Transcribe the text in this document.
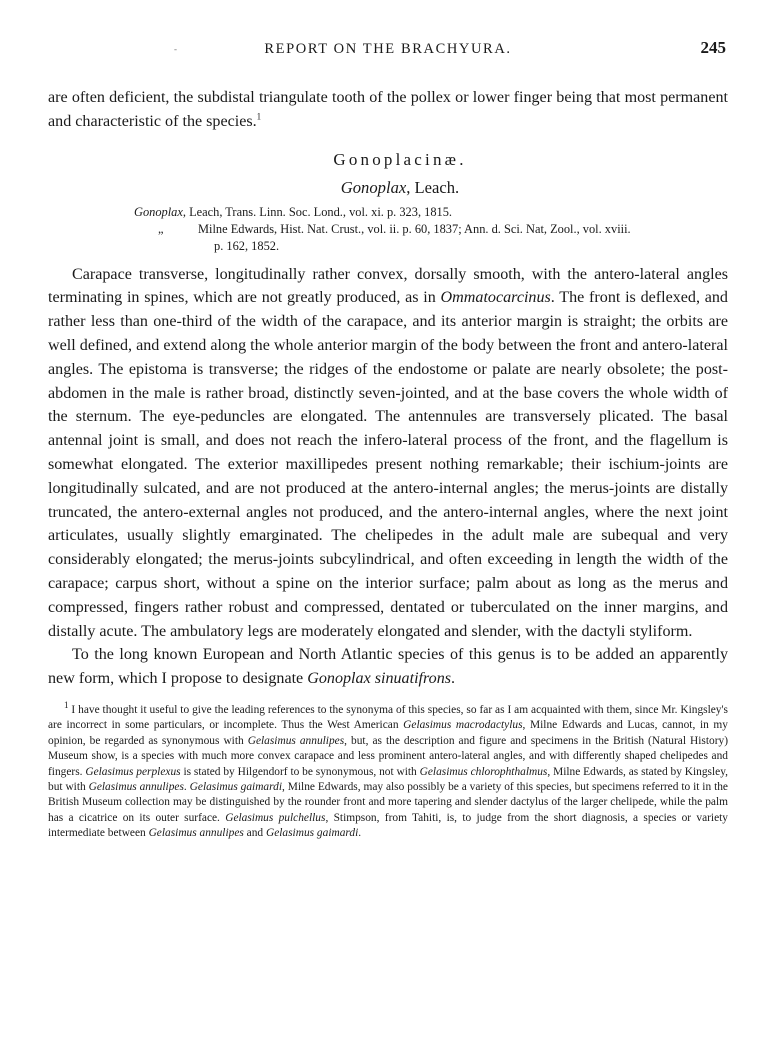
-	REPORT ON THE BRACHYURA.	245

are often deficient, the subdistal triangulate tooth of the pollex or lower finger being that most permanent and characteristic of the species.$^1$

Gonoplacinæ.
Gonoplax, Leach.
Gonoplax, Leach, Trans. Linn. Soc. Lond., vol. xi. p. 323, 1815.
„	Milne Edwards, Hist. Nat. Crust., vol. ii. p. 60, 1837; Ann. d. Sci. Nat, Zool., vol. xviii.
p. 162, 1852.

Carapace transverse, longitudinally rather convex, dorsally smooth, with the antero-lateral angles terminating in spines, which are not greatly produced, as in Ommatocarcinus. The front is deflexed, and rather less than one-third of the width of the carapace, and its anterior margin is straight; the orbits are well defined, and extend along the whole anterior margin of the body between the front and antero-lateral angles. The epistoma is transverse; the ridges of the endostome or palate are nearly obsolete; the post-abdomen in the male is rather broad, distinctly seven-jointed, and at the base covers the whole width of the sternum. The eye-peduncles are elongated. The antennules are transversely plicated. The basal antennal joint is small, and does not reach the infero-lateral process of the front, and the flagellum is somewhat elongated. The exterior maxillipedes present nothing remarkable; their ischium-joints are longitudinally sulcated, and are not produced at the antero-internal angles; the merus-joints are distally truncated, the antero-external angles not produced, and the antero-internal angles, where the next joint articulates, usually slightly emarginated. The chelipedes in the adult male are subequal and very considerably elongated; the merus-joints subcylindrical, and often exceeding in length the width of the carapace; carpus short, without a spine on the interior surface; palm about as long as the merus and compressed, fingers rather robust and compressed, dentated or tuberculated on the inner margins, and distally acute. The ambulatory legs are moderately elongated and slender, with the dactyli styliform.

To the long known European and North Atlantic species of this genus is to be added an apparently new form, which I propose to designate Gonoplax sinuatifrons.

$^1$ I have thought it useful to give the leading references to the synonyma of this species, so far as I am acquainted with them, since Mr. Kingsley's are incorrect in some particulars, or incomplete. Thus the West American Gelasimus macrodactylus, Milne Edwards and Lucas, cannot, in my opinion, be regarded as synonymous with Gelasimus annulipes, but, as the description and figure and specimens in the British (Natural History) Museum show, is a species with much more convex carapace and less prominent antero-lateral angles, and with differently shaped chelipedes and fingers. Gelasimus perplexus is stated by Hilgendorf to be synonymous, not with Gelasimus chlorophthalmus, Milne Edwards, as stated by Kingsley, but with Gelasimus annulipes. Gelasimus gaimardi, Milne Edwards, may also possibly be a variety of this species, but specimens referred to it in the British Museum collection may be distinguished by the rounder front and more tapering and slender dactylus of the larger chelipede, while the palm has a cicatrice on its outer surface. Gelasimus pulchellus, Stimpson, from Tahiti, is, to judge from the short diagnosis, a species or variety intermediate between Gelasimus annulipes and Gelasimus gaimardi.
